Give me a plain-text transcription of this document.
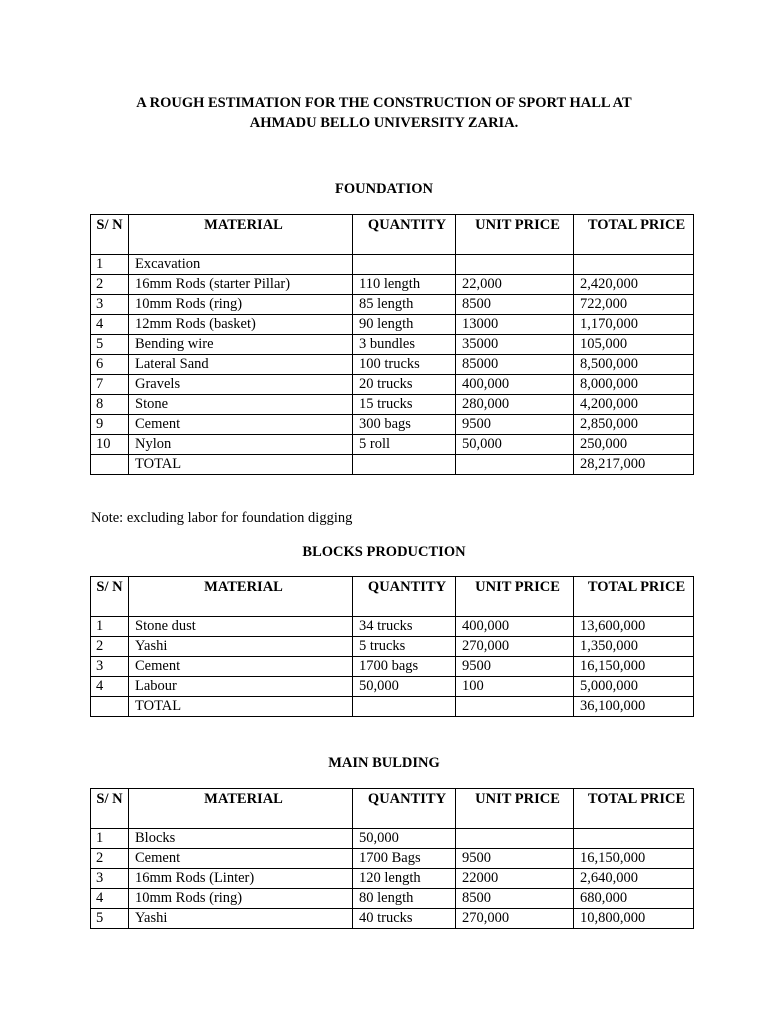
A ROUGH ESTIMATION FOR THE CONSTRUCTION OF SPORT HALL AT
AHMADU BELLO UNIVERSITY ZARIA.
FOUNDATION
S/ N	MATERIAL	QUANTITY	UNIT PRICE	TOTAL PRICE
1	Excavation			
2	16mm Rods (starter Pillar)	110 length	22,000	2,420,000
3	10mm Rods (ring)	85 length	8500	722,000
4	12mm Rods (basket)	90 length	13000	1,170,000
5	Bending wire	3 bundles	35000	105,000
6	Lateral Sand	100 trucks	85000	8,500,000
7	Gravels	20 trucks	400,000	8,000,000
8	Stone	15 trucks	280,000	4,200,000
9	Cement	300 bags	9500	2,850,000
10	Nylon	5 roll	50,000	250,000
	TOTAL			28,217,000
Note: excluding labor for foundation digging
BLOCKS PRODUCTION
S/ N	MATERIAL	QUANTITY	UNIT PRICE	TOTAL PRICE
1	Stone dust	34 trucks	400,000	13,600,000
2	Yashi	5 trucks	270,000	1,350,000
3	Cement	1700 bags	9500	16,150,000
4	Labour	50,000	100	5,000,000
	TOTAL			36,100,000
MAIN BULDING
S/ N	MATERIAL	QUANTITY	UNIT PRICE	TOTAL PRICE
1	Blocks	50,000		
2	Cement	1700 Bags	9500	16,150,000
3	16mm Rods (Linter)	120 length	22000	2,640,000
4	10mm Rods (ring)	80 length	8500	680,000
5	Yashi	40 trucks	270,000	10,800,000
